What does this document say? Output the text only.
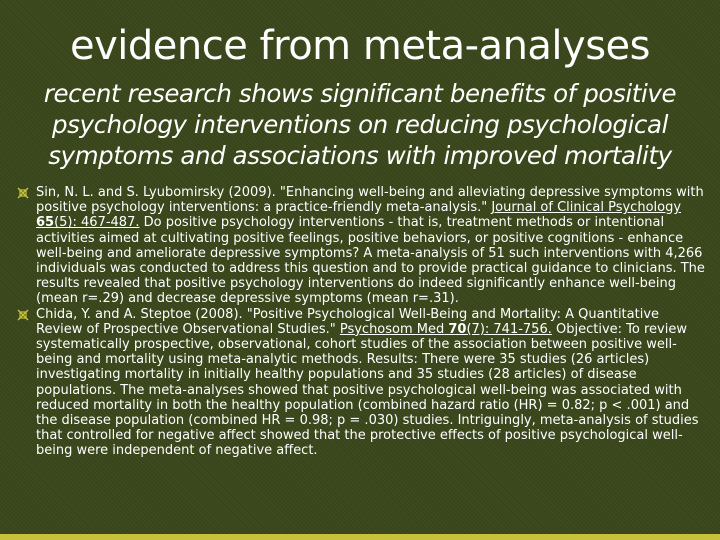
evidence from meta-analyses
recent research shows significant benefits of positive psychology interventions on reducing psychological symptoms and associations with improved mortality
Sin, N. L. and S. Lyubomirsky (2009). "Enhancing well-being and alleviating depressive symptoms with positive psychology interventions: a practice-friendly meta-analysis." Journal of Clinical Psychology 65(5): 467-487. Do positive psychology interventions - that is, treatment methods or intentional activities aimed at cultivating positive feelings, positive behaviors, or positive cognitions - enhance well-being and ameliorate depressive symptoms? A meta-analysis of 51 such interventions with 4,266 individuals was conducted to address this question and to provide practical guidance to clinicians. The results revealed that positive psychology interventions do indeed significantly enhance well-being (mean r=.29) and decrease depressive symptoms (mean r=.31).
Chida, Y. and A. Steptoe (2008). "Positive Psychological Well-Being and Mortality: A Quantitative Review of Prospective Observational Studies." Psychosom Med 70(7): 741-756. Objective: To review systematically prospective, observational, cohort studies of the association between positive well-being and mortality using meta-analytic methods. Results: There were 35 studies (26 articles) investigating mortality in initially healthy populations and 35 studies (28 articles) of disease populations. The meta-analyses showed that positive psychological well-being was associated with reduced mortality in both the healthy population (combined hazard ratio (HR) = 0.82; p < .001) and the disease population (combined HR = 0.98; p = .030) studies. Intriguingly, meta-analysis of studies that controlled for negative affect showed that the protective effects of positive psychological well-being were independent of negative affect.
